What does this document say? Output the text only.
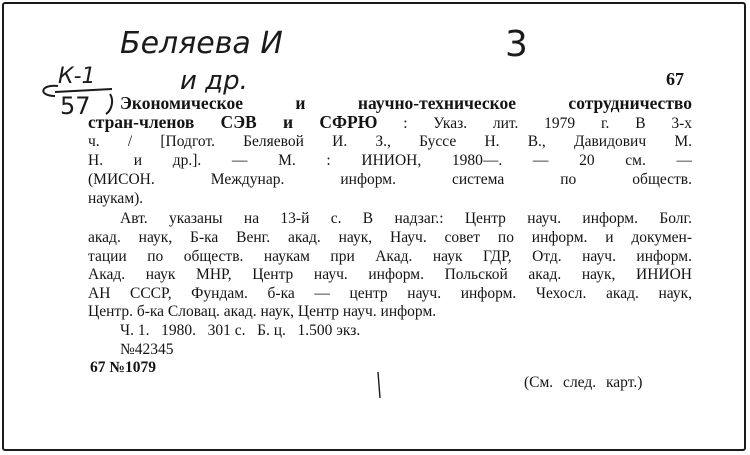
Беляева И
и др.
3
К-1
57
67
Экономическое и научно-техническое сотрудничество
стран-членов СЭВ и СФРЮ : Указ. лит. 1979 г. В 3-х
ч. / [Подгот. Беляевой И. З., Буссе Н. В., Давидович М.
Н. и др.]. — М. : ИНИОН, 1980—. — 20 см. —
(МИСОН. Междунар. информ. система по обществ.
наукам).
Авт. указаны на 13-й с. В надзаг.: Центр науч. информ. Болг.
акад. наук, Б-ка Венг. акад. наук, Науч. совет по информ. и докумен-
тации по обществ. наукам при Акад. наук ГДР, Отд. науч. информ.
Акад. наук МНР, Центр науч. информ. Польской акад. наук, ИНИОН
АН СССР, Фундам. б-ка — центр науч. информ. Чехосл. акад. наук,
Центр. б-ка Словац. акад. наук, Центр науч. информ.
Ч. 1.   1980.   301 с.   Б. ц.   1.500 экз.
№42345
67 №1079
(См. след. карт.)
